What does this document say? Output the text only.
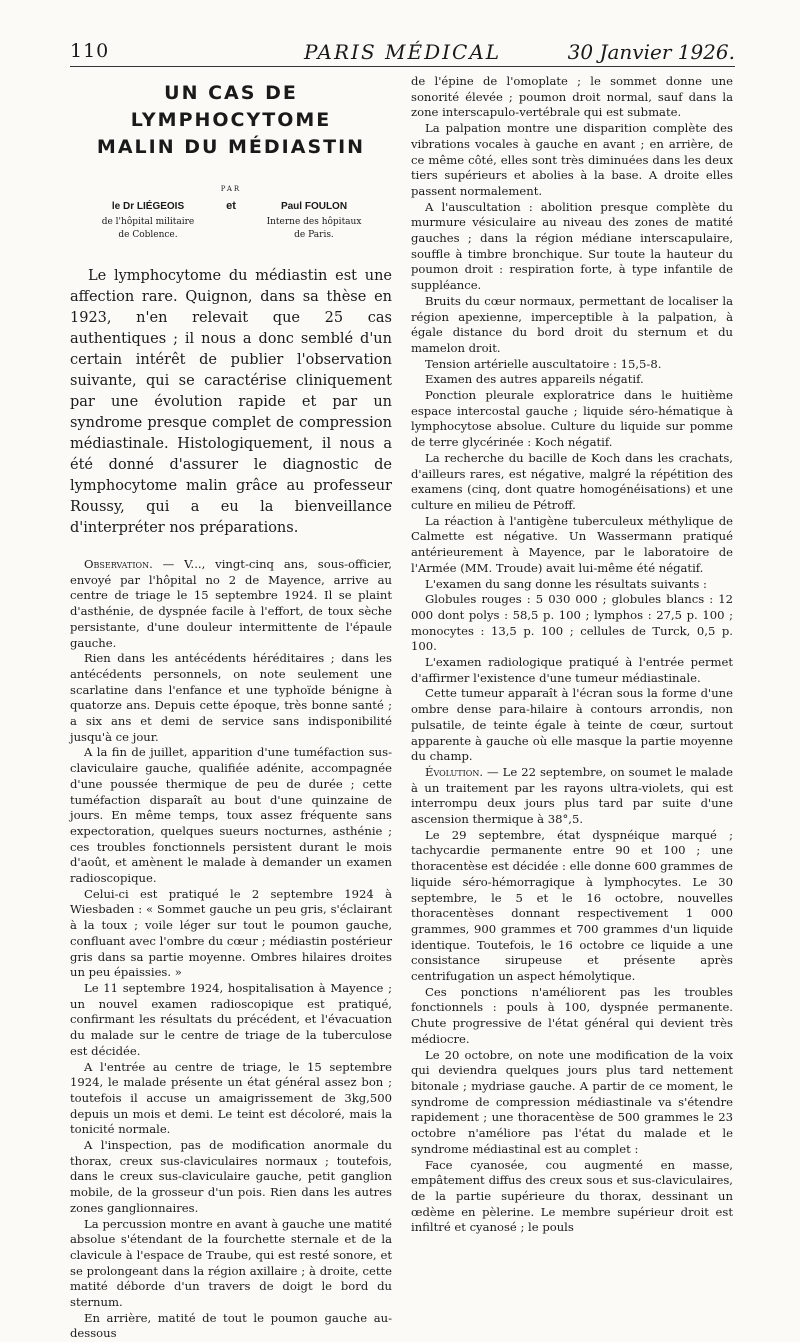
110	PARIS MÉDICAL	30 Janvier 1926.
UN CAS DE LYMPHOCYTOME
MALIN DU MÉDIASTIN
PAR
le Dr LIÉGEOIS
de l'hôpital militaire
de Coblence.
et	Paul FOULON
Interne des hôpitaux
de Paris.

Le lymphocytome du médiastin est une affection rare. Quignon, dans sa thèse en 1923, n'en relevait que 25 cas authentiques ; il nous a donc semblé d'un certain intérêt de publier l'observation suivante, qui se caractérise cliniquement par une évolution rapide et par un syndrome presque complet de compression médiastinale. Histologiquement, il nous a été donné d'assurer le diagnostic de lymphocytome malin grâce au professeur Roussy, qui a eu la bienveillance d'interpréter nos préparations.

Observation. — V..., vingt-cinq ans, sous-officier, envoyé par l'hôpital no 2 de Mayence, arrive au centre de triage le 15 septembre 1924. Il se plaint d'asthénie, de dyspnée facile à l'effort, de toux sèche persistante, d'une douleur intermittente de l'épaule gauche.

Rien dans les antécédents héréditaires ; dans les antécédents personnels, on note seulement une scarlatine dans l'enfance et une typhoïde bénigne à quatorze ans. Depuis cette époque, très bonne santé ; a six ans et demi de service sans indisponibilité jusqu'à ce jour.

A la fin de juillet, apparition d'une tuméfaction sus-claviculaire gauche, qualifiée adénite, accompagnée d'une poussée thermique de peu de durée ; cette tuméfaction disparaît au bout d'une quinzaine de jours. En même temps, toux assez fréquente sans expectoration, quelques sueurs nocturnes, asthénie ; ces troubles fonctionnels persistent durant le mois d'août, et amènent le malade à demander un examen radioscopique.

Celui-ci est pratiqué le 2 septembre 1924 à Wiesbaden : « Sommet gauche un peu gris, s'éclairant à la toux ; voile léger sur tout le poumon gauche, confluant avec l'ombre du cœur ; médiastin postérieur gris dans sa partie moyenne. Ombres hilaires droites un peu épaissies. »

Le 11 septembre 1924, hospitalisation à Mayence ; un nouvel examen radioscopique est pratiqué, confirmant les résultats du précédent, et l'évacuation du malade sur le centre de triage de la tuberculose est décidée.

A l'entrée au centre de triage, le 15 septembre 1924, le malade présente un état général assez bon ; toutefois il accuse un amaigrissement de 3kg,500 depuis un mois et demi. Le teint est décoloré, mais la tonicité normale.

A l'inspection, pas de modification anormale du thorax, creux sus-claviculaires normaux ; toutefois, dans le creux sus-claviculaire gauche, petit ganglion mobile, de la grosseur d'un pois. Rien dans les autres zones ganglionnaires.

La percussion montre en avant à gauche une matité absolue s'étendant de la fourchette sternale et de la clavicule à l'espace de Traube, qui est resté sonore, et se prolongeant dans la région axillaire ; à droite, cette matité déborde d'un travers de doigt le bord du sternum.

En arrière, matité de tout le poumon gauche au-dessous

de l'épine de l'omoplate ; le sommet donne une sonorité élevée ; poumon droit normal, sauf dans la zone interscapulo-vertébrale qui est submate.

La palpation montre une disparition complète des vibrations vocales à gauche en avant ; en arrière, de ce même côté, elles sont très diminuées dans les deux tiers supérieurs et abolies à la base. A droite elles passent normalement.

A l'auscultation : abolition presque complète du murmure vésiculaire au niveau des zones de matité gauches ; dans la région médiane interscapulaire, souffle à timbre bronchique. Sur toute la hauteur du poumon droit : respiration forte, à type infantile de suppléance.

Bruits du cœur normaux, permettant de localiser la région apexienne, imperceptible à la palpation, à égale distance du bord droit du sternum et du mamelon droit.

Tension artérielle auscultatoire : 15,5-8.

Examen des autres appareils négatif.

Ponction pleurale exploratrice dans le huitième espace intercostal gauche ; liquide séro-hématique à lymphocytose absolue. Culture du liquide sur pomme de terre glycérinée : Koch négatif.

La recherche du bacille de Koch dans les crachats, d'ailleurs rares, est négative, malgré la répétition des examens (cinq, dont quatre homogénéisations) et une culture en milieu de Pétroff.

La réaction à l'antigène tuberculeux méthylique de Calmette est négative. Un Wassermann pratiqué antérieurement à Mayence, par le laboratoire de l'Armée (MM. Troude) avait lui-même été négatif.

L'examen du sang donne les résultats suivants :

Globules rouges : 5 030 000 ; globules blancs : 12 000 dont polys : 58,5 p. 100 ; lymphos : 27,5 p. 100 ; monocytes : 13,5 p. 100 ; cellules de Turck, 0,5 p. 100.

L'examen radiologique pratiqué à l'entrée permet d'affirmer l'existence d'une tumeur médiastinale.

Cette tumeur apparaît à l'écran sous la forme d'une ombre dense para-hilaire à contours arrondis, non pulsatile, de teinte égale à teinte de cœur, surtout apparente à gauche où elle masque la partie moyenne du champ.

Évolution. — Le 22 septembre, on soumet le malade à un traitement par les rayons ultra-violets, qui est interrompu deux jours plus tard par suite d'une ascension thermique à 38°,5.

Le 29 septembre, état dyspnéique marqué ; tachycardie permanente entre 90 et 100 ; une thoracentèse est décidée : elle donne 600 grammes de liquide séro-hémorragique à lymphocytes. Le 30 septembre, le 5 et le 16 octobre, nouvelles thoracentèses donnant respectivement 1 000 grammes, 900 grammes et 700 grammes d'un liquide identique. Toutefois, le 16 octobre ce liquide a une consistance sirupeuse et présente après centrifugation un aspect hémolytique.

Ces ponctions n'améliorent pas les troubles fonctionnels : pouls à 100, dyspnée permanente. Chute progressive de l'état général qui devient très médiocre.

Le 20 octobre, on note une modification de la voix qui deviendra quelques jours plus tard nettement bitonale ; mydriase gauche. A partir de ce moment, le syndrome de compression médiastinale va s'étendre rapidement ; une thoracentèse de 500 grammes le 23 octobre n'améliore pas l'état du malade et le syndrome médiastinal est au complet :

Face cyanosée, cou augmenté en masse, empâtement diffus des creux sous et sus-claviculaires, de la partie supérieure du thorax, dessinant un œdème en pèlerine. Le membre supérieur droit est infiltré et cyanosé ; le pouls
